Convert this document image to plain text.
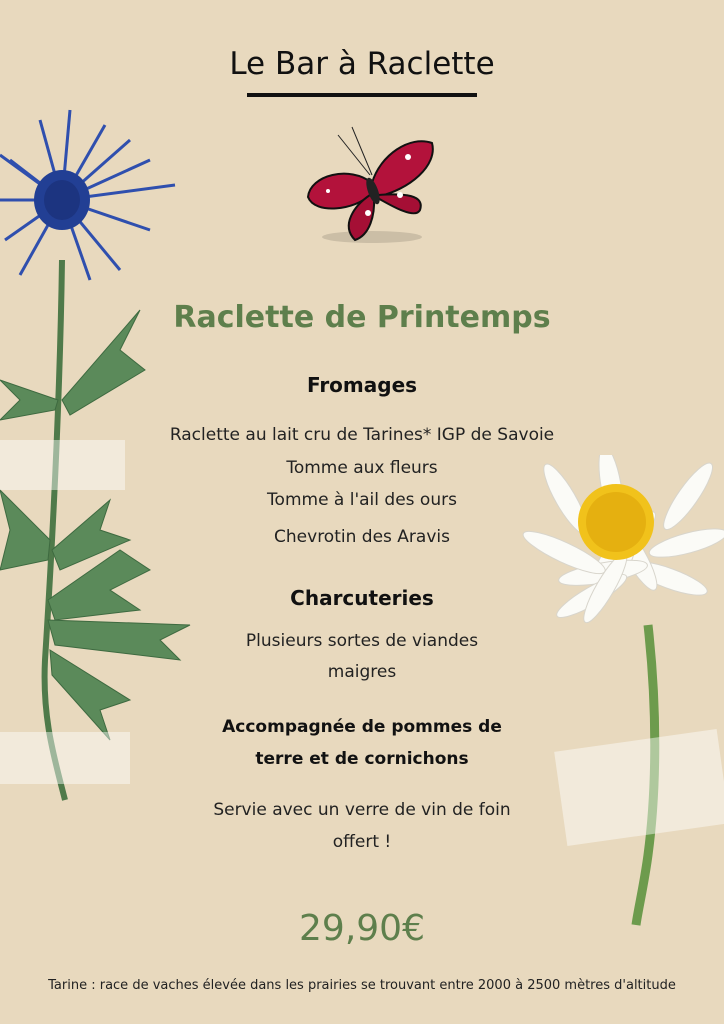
Le Bar à Raclette
Raclette de Printemps
Fromages
Raclette au lait cru de Tarines* IGP de Savoie
Tomme aux fleurs
Tomme à l'ail des ours
Chevrotin des Aravis
Charcuteries
Plusieurs sortes de viandes
maigres
Accompagnée de pommes de
terre et de cornichons
Servie avec un verre de vin de foin
offert !
29,90€
Tarine : race de vaches élevée dans les prairies se trouvant entre 2000 à 2500 mètres d'altitude
